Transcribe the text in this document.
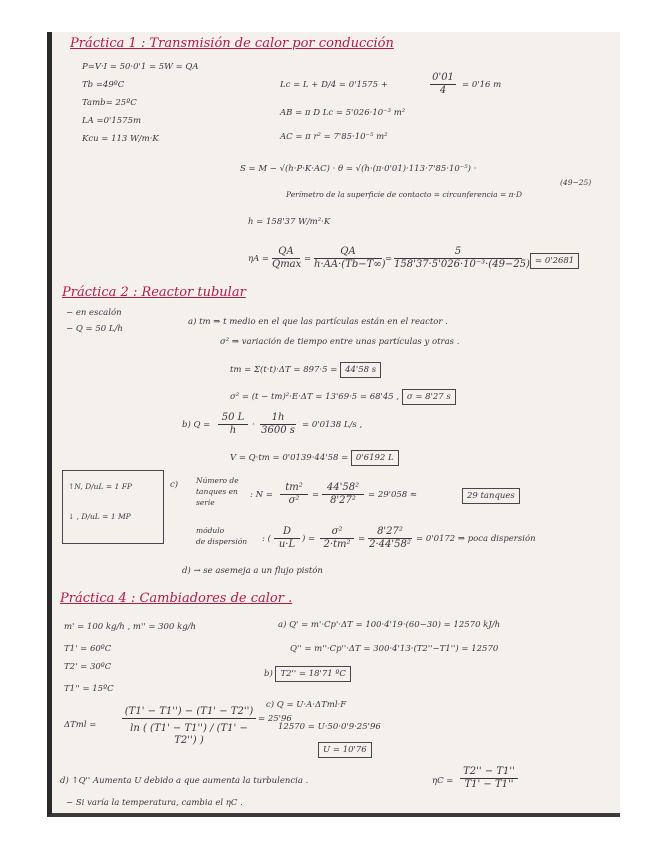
Práctica 1 : Transmisión de calor por conducción
P=V·I = 50·0'1 = 5W = QA
Tb =49ºC
Tamb= 25ºC
LA =0'1575m
Kcu = 113 W/m·K
Lc = L + D/4 = 0'1575 +	$\frac{0'01}{4} = 0'16$ m
AB = π D Lc = 5'026·10⁻³ m²
AC = π r² = 7'85·10⁻⁵ m²
S = M − √(h·P·K·AC) · θ = √(h·(π·0'01)·113·7'85·10⁻⁵) ·
(49−25)
Perímetro de la superficie de contacto = circunferencia = π·D
h = 158'37 W/m²·K
ηA =
QA
$Qmax = \frac{QA}{h\cdot AA\cdot(Tb-T\infty)} = \frac{5}{\text{158'37·5'026·10⁻³·(49−25)}}$	= 0'2681
Práctica 2 : Reactor tubular
− en escalón
− Q = 50 L/h
a) tm ⇒ t medio en el que las partículas están en el reactor .
σ² ⇒ variación de tiempo entre unas partículas y otras .
tm = Σ(t·t)·ΔT = 897·5 = 44'58 s
σ² = (t − tm)²·E·ΔT = 13'69·5 = 68'45 , σ = 8'27 s
b) $Q = \frac{50 L}{h} \cdot \frac{1h}{3600 s} = 0'0138$ L/s ,
V = Q·tm = 0'0139·44'58 = 0'6192 L
↑N, D/uL = 1 FP
↓ , D/uL = 1 MP
c) Número de
tanques en
serie
: $N = \frac{\text{tm²}}{\text{σ²}} = \frac{\text{44'58²}}{\text{8'27²}} = 29'058$ ≈	29 tanques
módulo
de dispersión : ( $\frac{D}{u\cdot L}$ ) = $\frac{\text{σ²}}{\text{2·tm²}} = \frac{\text{8'27²}}{\text{2·44'58²}} = 0'0172$ ⇒ poca dispersión
d) → se asemeja a un flujo pistón
Práctica 4 : Cambiadores de calor .
m' = 100 kg/h , m'' = 300 kg/h
T1' = 60ºC
T2' = 30ºC
T1'' = 15ºC
a) Q' = m'·Cp'·ΔT = 100·4'19·(60−30) = 12570 kJ/h
Q'' = m''·Cp''·ΔT = 300·4'13·(T2''−T1'') = 12570
b) T2'' = 18'71 ºC
ΔTml =	$\frac{(T1' - T1'') - (T1' - T2'')}{\ln ( (T1' - T1'') / (T1' - T2'') )} = 25'96$
c) Q = U·A·ΔTml·F
12570 = U·50·0'9·25'96
U = 10'76
d) ↑Q'' Aumenta U debido a que aumenta la turbulencia .	$\eta C = \frac{T2'' - T1''}{T1' - T1''}$
− Si varía la temperatura, cambia el ηC .
